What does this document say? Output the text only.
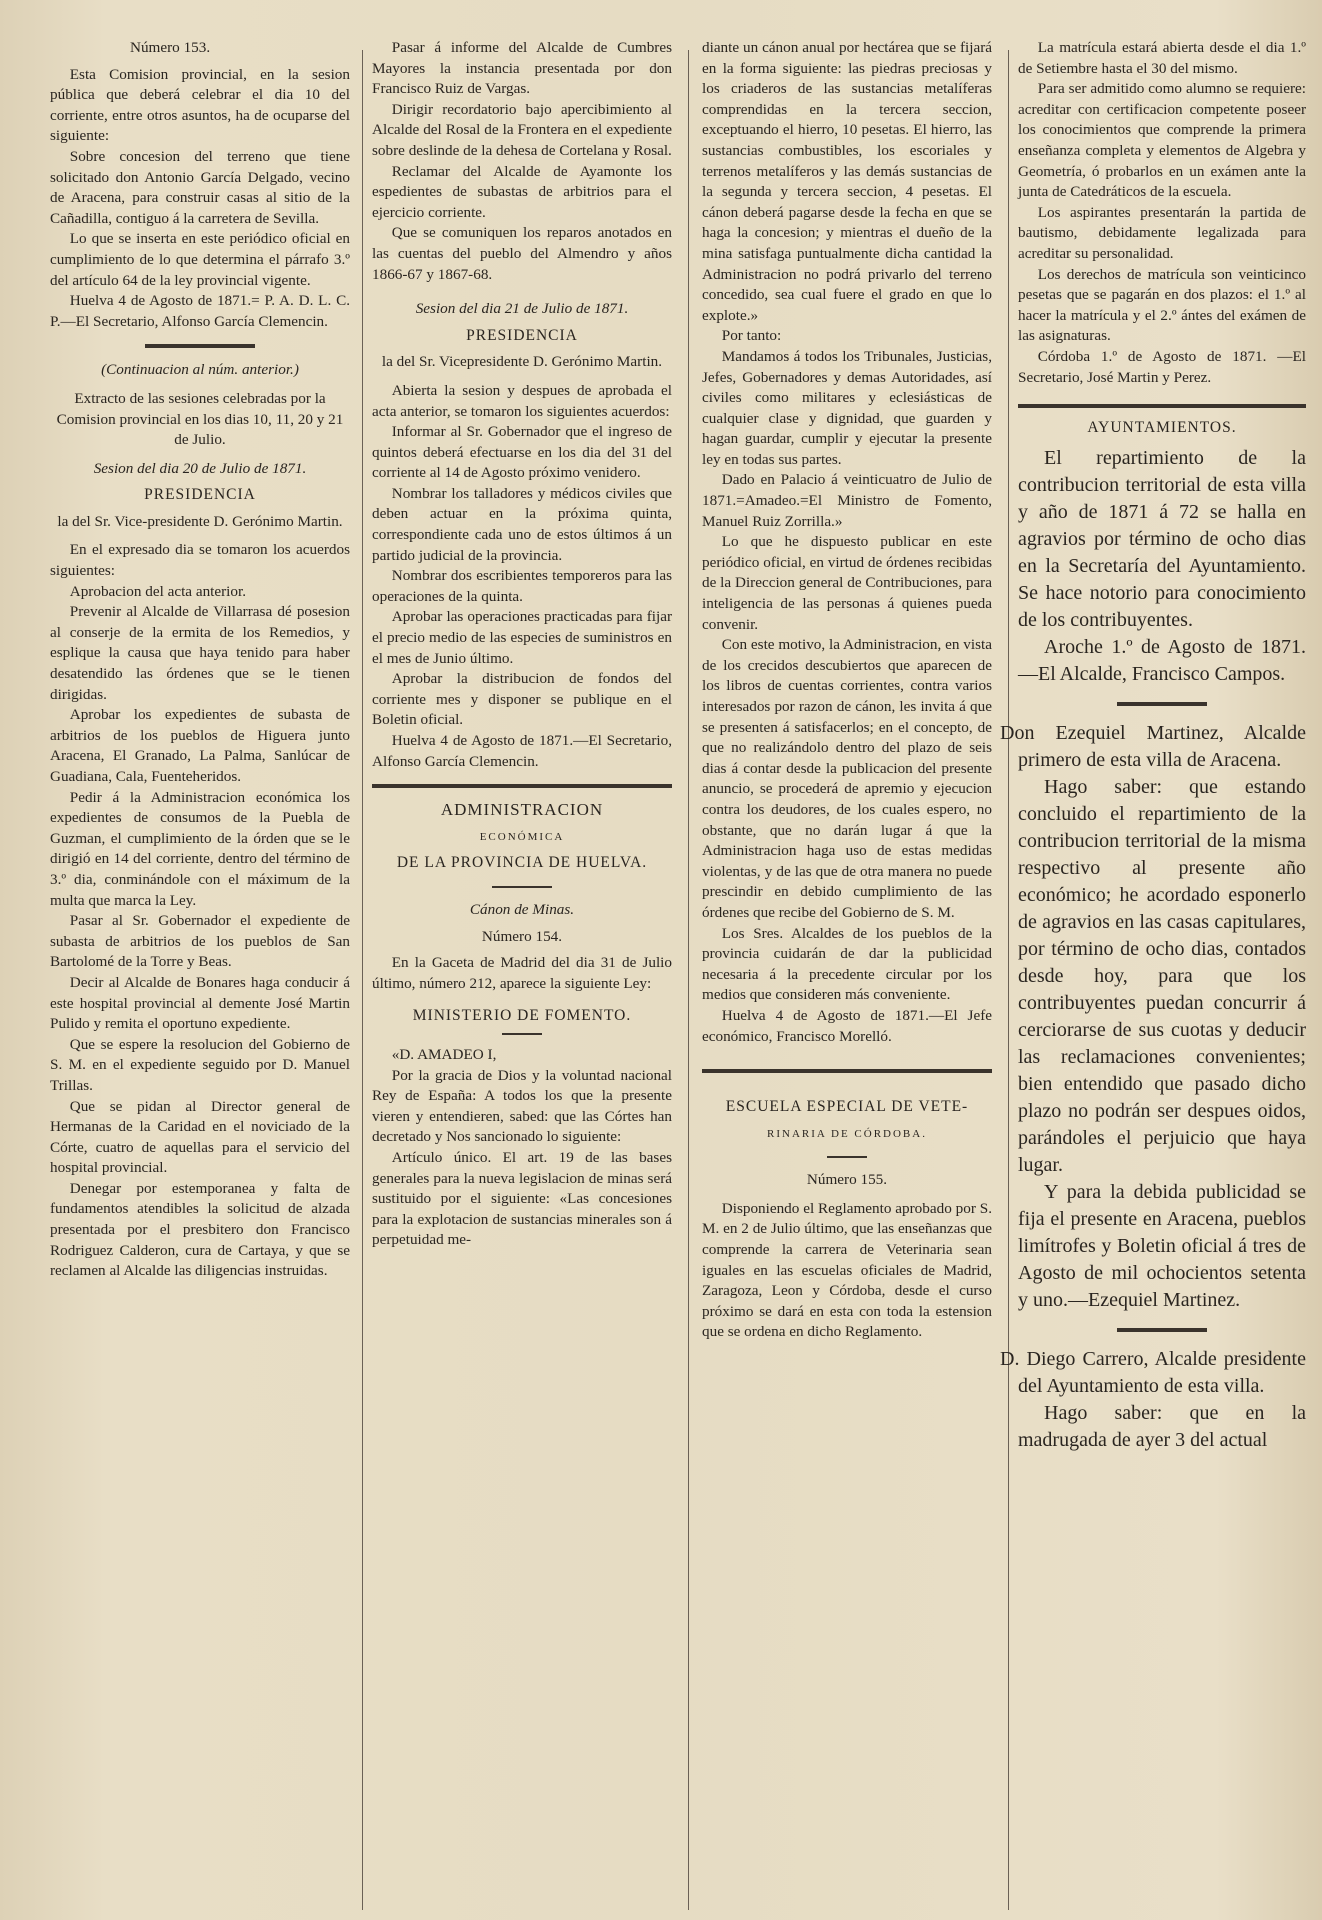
Número 153.

Esta Comision provincial, en la sesion pública que deberá celebrar el dia 10 del corriente, entre otros asuntos, ha de ocuparse del siguiente:

Sobre concesion del terreno que tiene solicitado don Antonio García Delgado, vecino de Aracena, para construir casas al sitio de la Cañadilla, contiguo á la carretera de Sevilla.

Lo que se inserta en este periódico oficial en cumplimiento de lo que determina el párrafo 3.º del artículo 64 de la ley provincial vigente.

Huelva 4 de Agosto de 1871.= P. A. D. L. C. P.—El Secretario, Alfonso García Clemencin.

(Continuacion al núm. anterior.)

Extracto de las sesiones celebradas por la Comision provincial en los dias 10, 11, 20 y 21 de Julio.

Sesion del dia 20 de Julio de 1871.

PRESIDENCIA

la del Sr. Vice-presidente D. Gerónimo Martin.

En el expresado dia se tomaron los acuerdos siguientes:

Aprobacion del acta anterior.

Prevenir al Alcalde de Villarrasa dé posesion al conserje de la ermita de los Remedios, y esplique la causa que haya tenido para haber desatendido las órdenes que se le tienen dirigidas.

Aprobar los expedientes de subasta de arbitrios de los pueblos de Higuera junto Aracena, El Granado, La Palma, Sanlúcar de Guadiana, Cala, Fuenteheridos.

Pedir á la Administracion económica los expedientes de consumos de la Puebla de Guzman, el cumplimiento de la órden que se le dirigió en 14 del corriente, dentro del término de 3.º dia, conminándole con el máximum de la multa que marca la Ley.

Pasar al Sr. Gobernador el expediente de subasta de arbitrios de los pueblos de San Bartolomé de la Torre y Beas.

Decir al Alcalde de Bonares haga conducir á este hospital provincial al demente José Martin Pulido y remita el oportuno expediente.

Que se espere la resolucion del Gobierno de S. M. en el expediente seguido por D. Manuel Trillas.

Que se pidan al Director general de Hermanas de la Caridad en el noviciado de la Córte, cuatro de aquellas para el servicio del hospital provincial.

Denegar por estemporanea y falta de fundamentos atendibles la solicitud de alzada presentada por el presbitero don Francisco Rodriguez Calderon, cura de Cartaya, y que se reclamen al Alcalde las diligencias instruidas.

Pasar á informe del Alcalde de Cumbres Mayores la instancia presentada por don Francisco Ruiz de Vargas.

Dirigir recordatorio bajo apercibimiento al Alcalde del Rosal de la Frontera en el expediente sobre deslinde de la dehesa de Cortelana y Rosal.

Reclamar del Alcalde de Ayamonte los espedientes de subastas de arbitrios para el ejercicio corriente.

Que se comuniquen los reparos anotados en las cuentas del pueblo del Almendro y años 1866-67 y 1867-68.

Sesion del dia 21 de Julio de 1871.

PRESIDENCIA

la del Sr. Vicepresidente D. Gerónimo Martin.

Abierta la sesion y despues de aprobada el acta anterior, se tomaron los siguientes acuerdos:

Informar al Sr. Gobernador que el ingreso de quintos deberá efectuarse en los dia del 31 del corriente al 14 de Agosto próximo venidero.

Nombrar los talladores y médicos civiles que deben actuar en la próxima quinta, correspondiente cada uno de estos últimos á un partido judicial de la provincia.

Nombrar dos escribientes temporeros para las operaciones de la quinta.

Aprobar las operaciones practicadas para fijar el precio medio de las especies de suministros en el mes de Junio último.

Aprobar la distribucion de fondos del corriente mes y disponer se publique en el Boletin oficial.

Huelva 4 de Agosto de 1871.—El Secretario, Alfonso García Clemencin.

ADMINISTRACION
ECONÓMICA
DE LA PROVINCIA DE HUELVA.

Cánon de Minas.

Número 154.

En la Gaceta de Madrid del dia 31 de Julio último, número 212, aparece la siguiente Ley:

MINISTERIO DE FOMENTO.

«D. AMADEO I,

Por la gracia de Dios y la voluntad nacional Rey de España: A todos los que la presente vieren y entendieren, sabed: que las Córtes han decretado y Nos sancionado lo siguiente:

Artículo único. El art. 19 de las bases generales para la nueva legislacion de minas será sustituido por el siguiente: «Las concesiones para la explotacion de sustancias minerales son á perpetuidad me-

diante un cánon anual por hectárea que se fijará en la forma siguiente: las piedras preciosas y los criaderos de las sustancias metalíferas comprendidas en la tercera seccion, exceptuando el hierro, 10 pesetas. El hierro, las sustancias combustibles, los escoriales y terrenos metalíferos y las demás sustancias de la segunda y tercera seccion, 4 pesetas. El cánon deberá pagarse desde la fecha en que se haga la concesion; y mientras el dueño de la mina satisfaga puntualmente dicha cantidad la Administracion no podrá privarlo del terreno concedido, sea cual fuere el grado en que lo explote.»

Por tanto:

Mandamos á todos los Tribunales, Justicias, Jefes, Gobernadores y demas Autoridades, así civiles como militares y eclesiásticas de cualquier clase y dignidad, que guarden y hagan guardar, cumplir y ejecutar la presente ley en todas sus partes.

Dado en Palacio á veinticuatro de Julio de 1871.=Amadeo.=El Ministro de Fomento, Manuel Ruiz Zorrilla.»

Lo que he dispuesto publicar en este periódico oficial, en virtud de órdenes recibidas de la Direccion general de Contribuciones, para inteligencia de las personas á quienes pueda convenir.

Con este motivo, la Administracion, en vista de los crecidos descubiertos que aparecen de los libros de cuentas corrientes, contra varios interesados por razon de cánon, les invita á que se presenten á satisfacerlos; en el concepto, de que no realizándolo dentro del plazo de seis dias á contar desde la publicacion del presente anuncio, se procederá de apremio y ejecucion contra los deudores, de los cuales espero, no obstante, que no darán lugar á que la Administracion haga uso de estas medidas violentas, y de las que de otra manera no puede prescindir en debido cumplimiento de las órdenes que recibe del Gobierno de S. M.

Los Sres. Alcaldes de los pueblos de la provincia cuidarán de dar la publicidad necesaria á la precedente circular por los medios que consideren más conveniente.

Huelva 4 de Agosto de 1871.—El Jefe económico, Francisco Morelló.

ESCUELA ESPECIAL DE VETE-
RINARIA DE CÓRDOBA.

Número 155.

Disponiendo el Reglamento aprobado por S. M. en 2 de Julio último, que las enseñanzas que comprende la carrera de Veterinaria sean iguales en las escuelas oficiales de Madrid, Zaragoza, Leon y Córdoba, desde el curso próximo se dará en esta con toda la estension que se ordena en dicho Reglamento.

La matrícula estará abierta desde el dia 1.º de Setiembre hasta el 30 del mismo.

Para ser admitido como alumno se requiere: acreditar con certificacion competente poseer los conocimientos que comprende la primera enseñanza completa y elementos de Algebra y Geometría, ó probarlos en un exámen ante la junta de Catedráticos de la escuela.

Los aspirantes presentarán la partida de bautismo, debidamente legalizada para acreditar su personalidad.

Los derechos de matrícula son veinticinco pesetas que se pagarán en dos plazos: el 1.º al hacer la matrícula y el 2.º ántes del exámen de las asignaturas.

Córdoba 1.º de Agosto de 1871. —El Secretario, José Martin y Perez.

AYUNTAMIENTOS.

El repartimiento de la contribucion territorial de esta villa y año de 1871 á 72 se halla en agravios por término de ocho dias en la Secretaría del Ayuntamiento. Se hace notorio para conocimiento de los contribuyentes.

Aroche 1.º de Agosto de 1871.—El Alcalde, Francisco Campos.

Don Ezequiel Martinez, Alcalde primero de esta villa de Aracena.

Hago saber: que estando concluido el repartimiento de la contribucion territorial de la misma respectivo al presente año económico; he acordado esponerlo de agravios en las casas capitulares, por término de ocho dias, contados desde hoy, para que los contribuyentes puedan concurrir á cerciorarse de sus cuotas y deducir las reclamaciones convenientes; bien entendido que pasado dicho plazo no podrán ser despues oidos, parándoles el perjuicio que haya lugar.

Y para la debida publicidad se fija el presente en Aracena, pueblos limítrofes y Boletin oficial á tres de Agosto de mil ochocientos setenta y uno.—Ezequiel Martinez.

D. Diego Carrero, Alcalde presidente del Ayuntamiento de esta villa.

Hago saber: que en la madrugada de ayer 3 del actual
